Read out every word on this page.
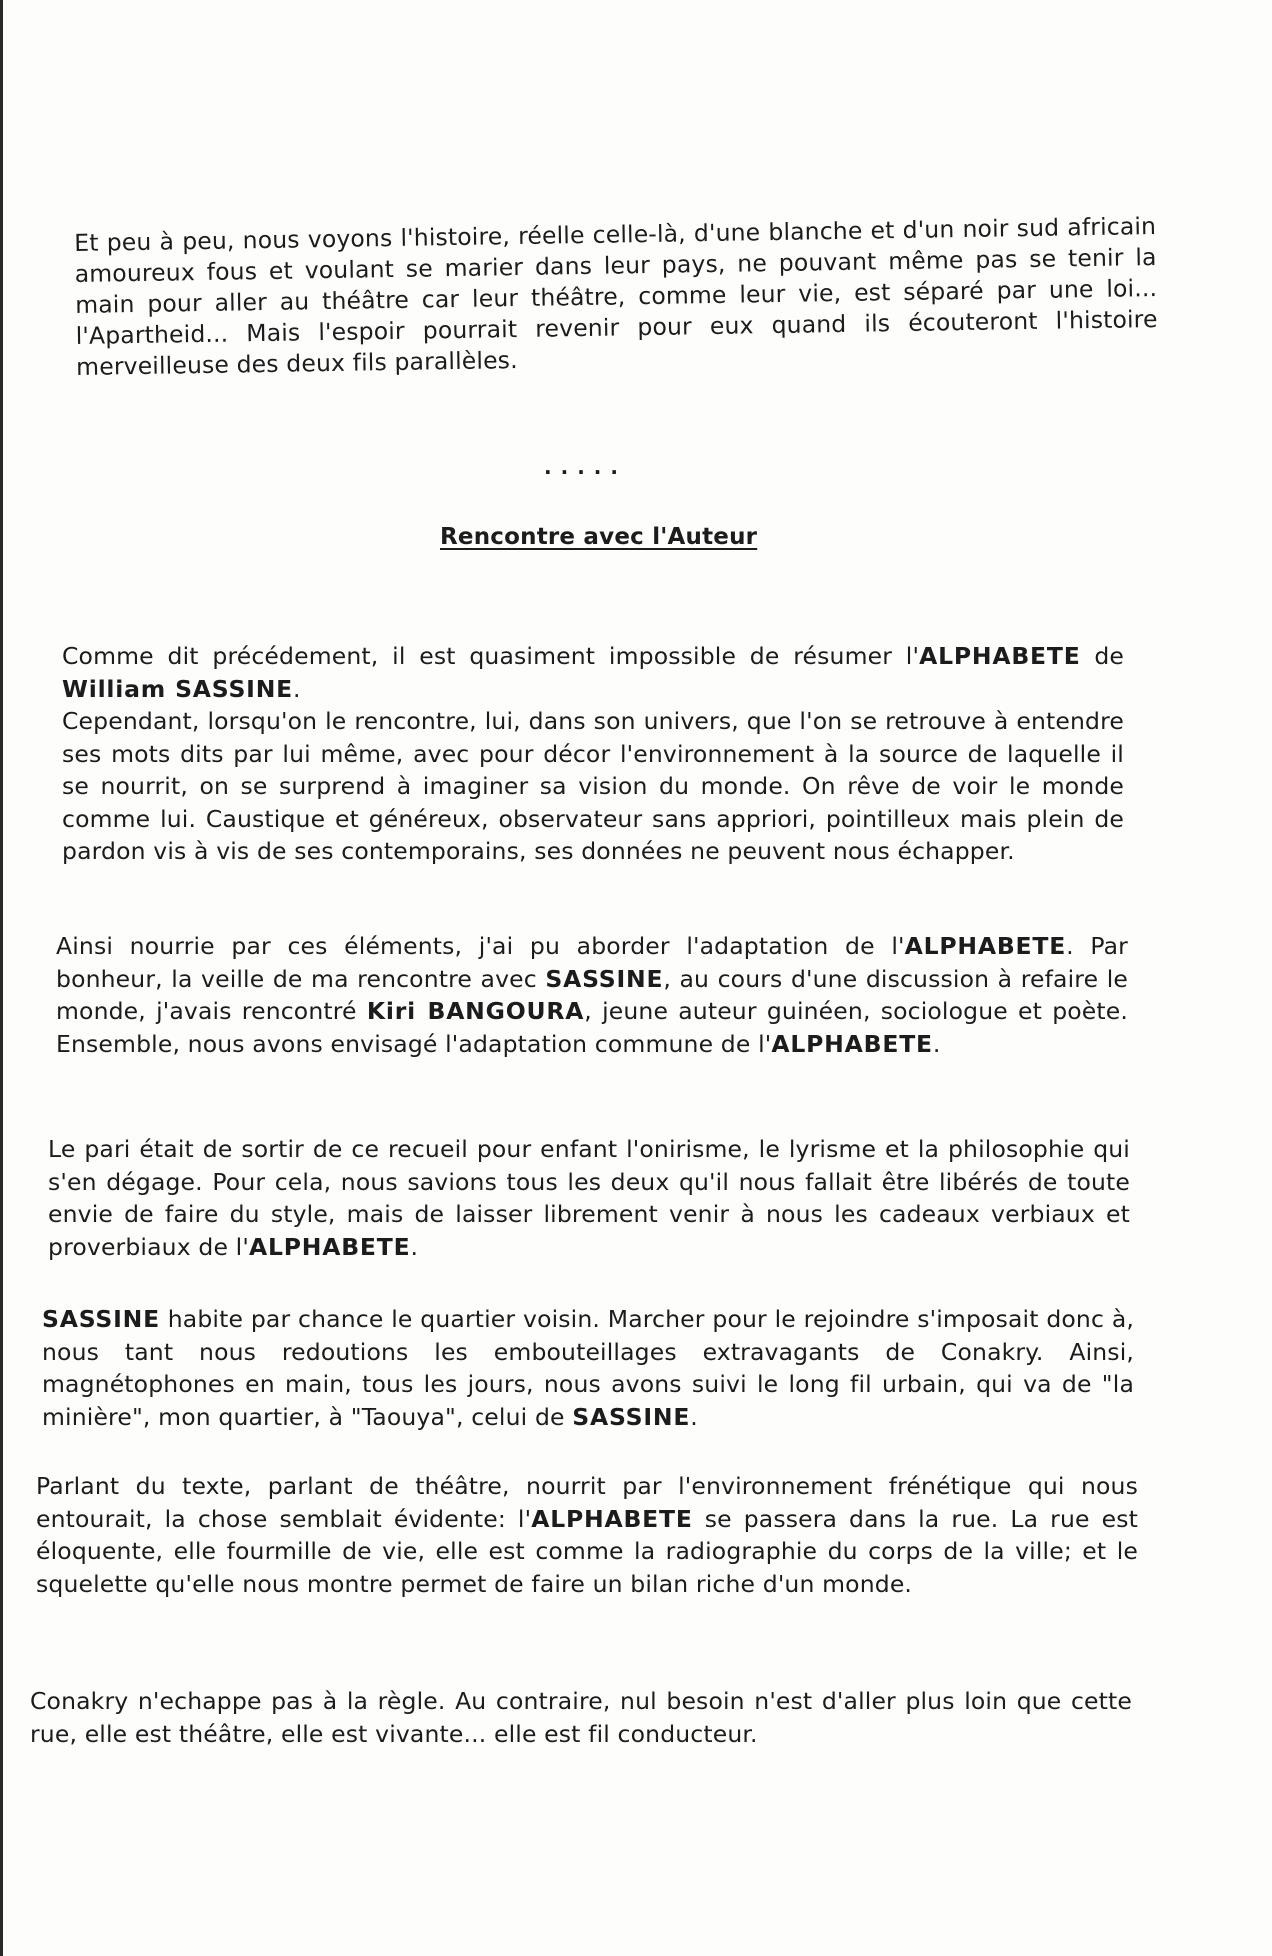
Et peu à peu, nous voyons l'histoire, réelle celle-là, d'une blanche et d'un noir sud africain amoureux fous et voulant se marier dans leur pays, ne pouvant même pas se tenir la main pour aller au théâtre car leur théâtre, comme leur vie, est séparé par une loi... l'Apartheid... Mais l'espoir pourrait revenir pour eux quand ils écouteront l'histoire merveilleuse des deux fils parallèles.

.....
Rencontre avec l'Auteur

Comme dit précédement, il est quasiment impossible de résumer l'ALPHABETE de William SASSINE.
Cependant, lorsqu'on le rencontre, lui, dans son univers, que l'on se retrouve à entendre ses mots dits par lui même, avec pour décor l'environnement à la source de laquelle il se nourrit, on se surprend à imaginer sa vision du monde. On rêve de voir le monde comme lui. Caustique et généreux, observateur sans appriori, pointilleux mais plein de pardon vis à vis de ses contemporains, ses données ne peuvent nous échapper.

Ainsi nourrie par ces éléments, j'ai pu aborder l'adaptation de l'ALPHABETE. Par bonheur, la veille de ma rencontre avec SASSINE, au cours d'une discussion à refaire le monde, j'avais rencontré Kiri BANGOURA, jeune auteur guinéen, sociologue et poète. Ensemble, nous avons envisagé l'adaptation commune de l'ALPHABETE.

Le pari était de sortir de ce recueil pour enfant l'onirisme, le lyrisme et la philosophie qui s'en dégage. Pour cela, nous savions tous les deux qu'il nous fallait être libérés de toute envie de faire du style, mais de laisser librement venir à nous les cadeaux verbiaux et proverbiaux de l'ALPHABETE.

SASSINE habite par chance le quartier voisin. Marcher pour le rejoindre s'imposait donc à, nous tant nous redoutions les embouteillages extravagants de Conakry. Ainsi, magnétophones en main, tous les jours, nous avons suivi le long fil urbain, qui va de "la minière", mon quartier, à "Taouya", celui de SASSINE.

Parlant du texte, parlant de théâtre, nourrit par l'environnement frénétique qui nous entourait, la chose semblait évidente: l'ALPHABETE se passera dans la rue. La rue est éloquente, elle fourmille de vie, elle est comme la radiographie du corps de la ville; et le squelette qu'elle nous montre permet de faire un bilan riche d'un monde.

Conakry n'echappe pas à la règle. Au contraire, nul besoin n'est d'aller plus loin que cette rue, elle est théâtre, elle est vivante... elle est fil conducteur.
